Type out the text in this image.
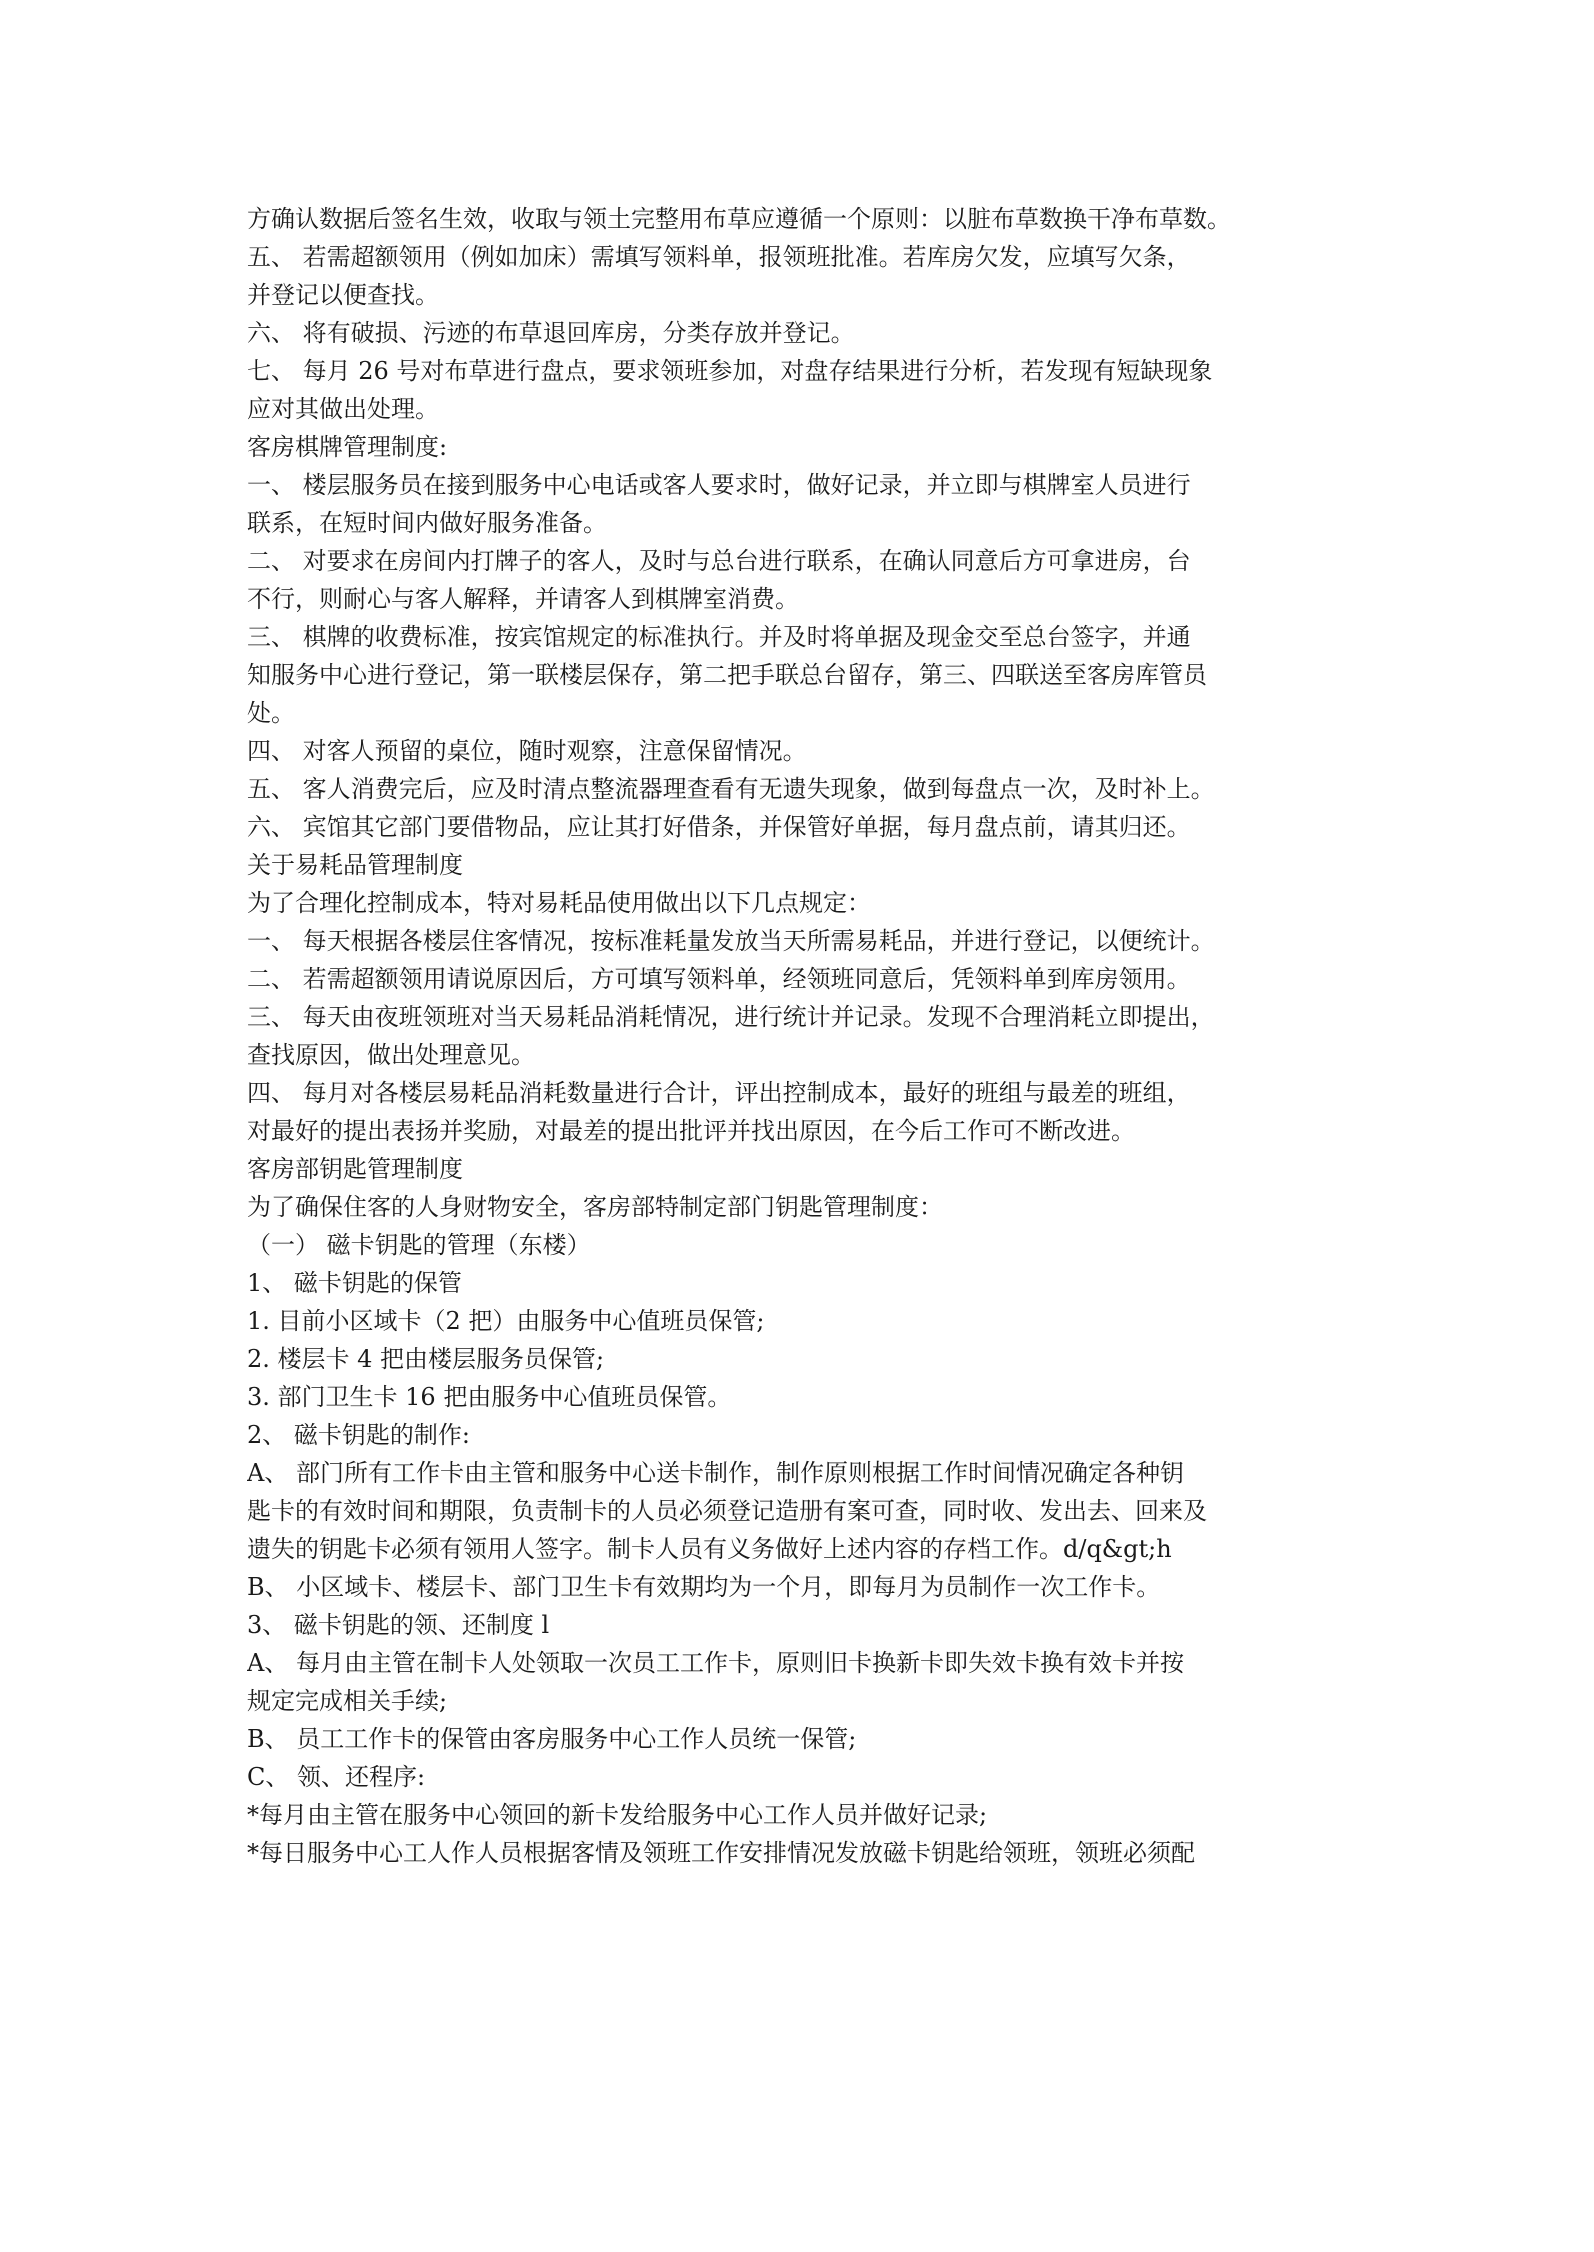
方确认数据后签名生效，收取与领土完整用布草应遵循一个原则：以脏布草数换干净布草数。
五、 若需超额领用（例如加床）需填写领料单，报领班批准。若库房欠发，应填写欠条，
并登记以便查找。
六、 将有破损、污迹的布草退回库房，分类存放并登记。
七、 每月 26 号对布草进行盘点，要求领班参加，对盘存结果进行分析，若发现有短缺现象
应对其做出处理。
客房棋牌管理制度:
一、 楼层服务员在接到服务中心电话或客人要求时，做好记录，并立即与棋牌室人员进行
联系，在短时间内做好服务准备。
二、 对要求在房间内打牌子的客人，及时与总台进行联系，在确认同意后方可拿进房，台
不行，则耐心与客人解释，并请客人到棋牌室消费。
三、 棋牌的收费标准，按宾馆规定的标准执行。并及时将单据及现金交至总台签字，并通
知服务中心进行登记，第一联楼层保存，第二把手联总台留存，第三、四联送至客房库管员
处。
四、 对客人预留的桌位，随时观察，注意保留情况。
五、 客人消费完后，应及时清点整流器理查看有无遗失现象，做到每盘点一次，及时补上。
六、 宾馆其它部门要借物品，应让其打好借条，并保管好单据，每月盘点前，请其归还。
关于易耗品管理制度
为了合理化控制成本，特对易耗品使用做出以下几点规定：
一、 每天根据各楼层住客情况，按标准耗量发放当天所需易耗品，并进行登记，以便统计。
二、 若需超额领用请说原因后，方可填写领料单，经领班同意后，凭领料单到库房领用。
三、 每天由夜班领班对当天易耗品消耗情况，进行统计并记录。发现不合理消耗立即提出，
查找原因，做出处理意见。
四、 每月对各楼层易耗品消耗数量进行合计，评出控制成本，最好的班组与最差的班组，
对最好的提出表扬并奖励，对最差的提出批评并找出原因，在今后工作可不断改进。
客房部钥匙管理制度
为了确保住客的人身财物安全，客房部特制定部门钥匙管理制度：
（一） 磁卡钥匙的管理（东楼）
1、 磁卡钥匙的保管
1. 目前小区域卡（2 把）由服务中心值班员保管;
2. 楼层卡 4 把由楼层服务员保管;
3. 部门卫生卡 16 把由服务中心值班员保管。
2、 磁卡钥匙的制作:
A、 部门所有工作卡由主管和服务中心送卡制作，制作原则根据工作时间情况确定各种钥
匙卡的有效时间和期限，负责制卡的人员必须登记造册有案可查，同时收、发出去、回来及
遗失的钥匙卡必须有领用人签字。制卡人员有义务做好上述内容的存档工作。d/q&gt;h
B、 小区域卡、楼层卡、部门卫生卡有效期均为一个月，即每月为员制作一次工作卡。
3、 磁卡钥匙的领、还制度 l
A、 每月由主管在制卡人处领取一次员工工作卡，原则旧卡换新卡即失效卡换有效卡并按
规定完成相关手续;
B、 员工工作卡的保管由客房服务中心工作人员统一保管;
C、 领、还程序:
*每月由主管在服务中心领回的新卡发给服务中心工作人员并做好记录;
*每日服务中心工人作人员根据客情及领班工作安排情况发放磁卡钥匙给领班，领班必须配
